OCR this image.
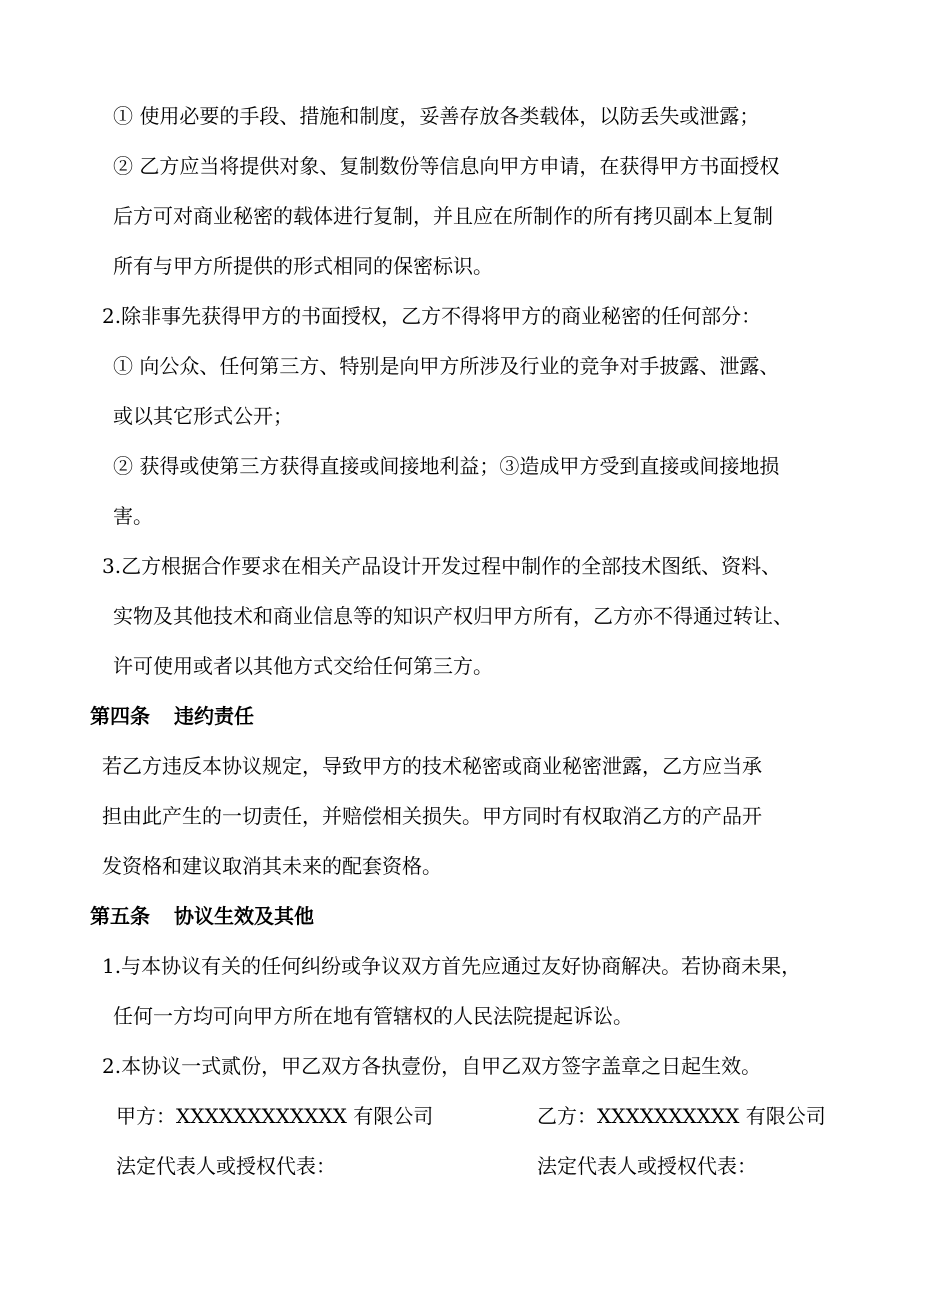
① 使用必要的手段、措施和制度，妥善存放各类载体，以防丢失或泄露；
② 乙方应当将提供对象、复制数份等信息向甲方申请，在获得甲方书面授权
后方可对商业秘密的载体进行复制，并且应在所制作的所有拷贝副本上复制
所有与甲方所提供的形式相同的保密标识。
2.除非事先获得甲方的书面授权，乙方不得将甲方的商业秘密的任何部分：
① 向公众、任何第三方、特别是向甲方所涉及行业的竞争对手披露、泄露、
或以其它形式公开；
② 获得或使第三方获得直接或间接地利益；③造成甲方受到直接或间接地损
害。
3.乙方根据合作要求在相关产品设计开发过程中制作的全部技术图纸、资料、
实物及其他技术和商业信息等的知识产权归甲方所有，乙方亦不得通过转让、
许可使用或者以其他方式交给任何第三方。
第四条 违约责任
若乙方违反本协议规定，导致甲方的技术秘密或商业秘密泄露，乙方应当承
担由此产生的一切责任，并赔偿相关损失。甲方同时有权取消乙方的产品开
发资格和建议取消其未来的配套资格。
第五条 协议生效及其他
1.与本协议有关的任何纠纷或争议双方首先应通过友好协商解决。若协商未果，
任何一方均可向甲方所在地有管辖权的人民法院提起诉讼。
2.本协议一式贰份，甲乙双方各执壹份，自甲乙双方签字盖章之日起生效。
甲方：XXXXXXXXXXXX 有限公司	乙方：XXXXXXXXXX 有限公司
法定代表人或授权代表：	法定代表人或授权代表：
